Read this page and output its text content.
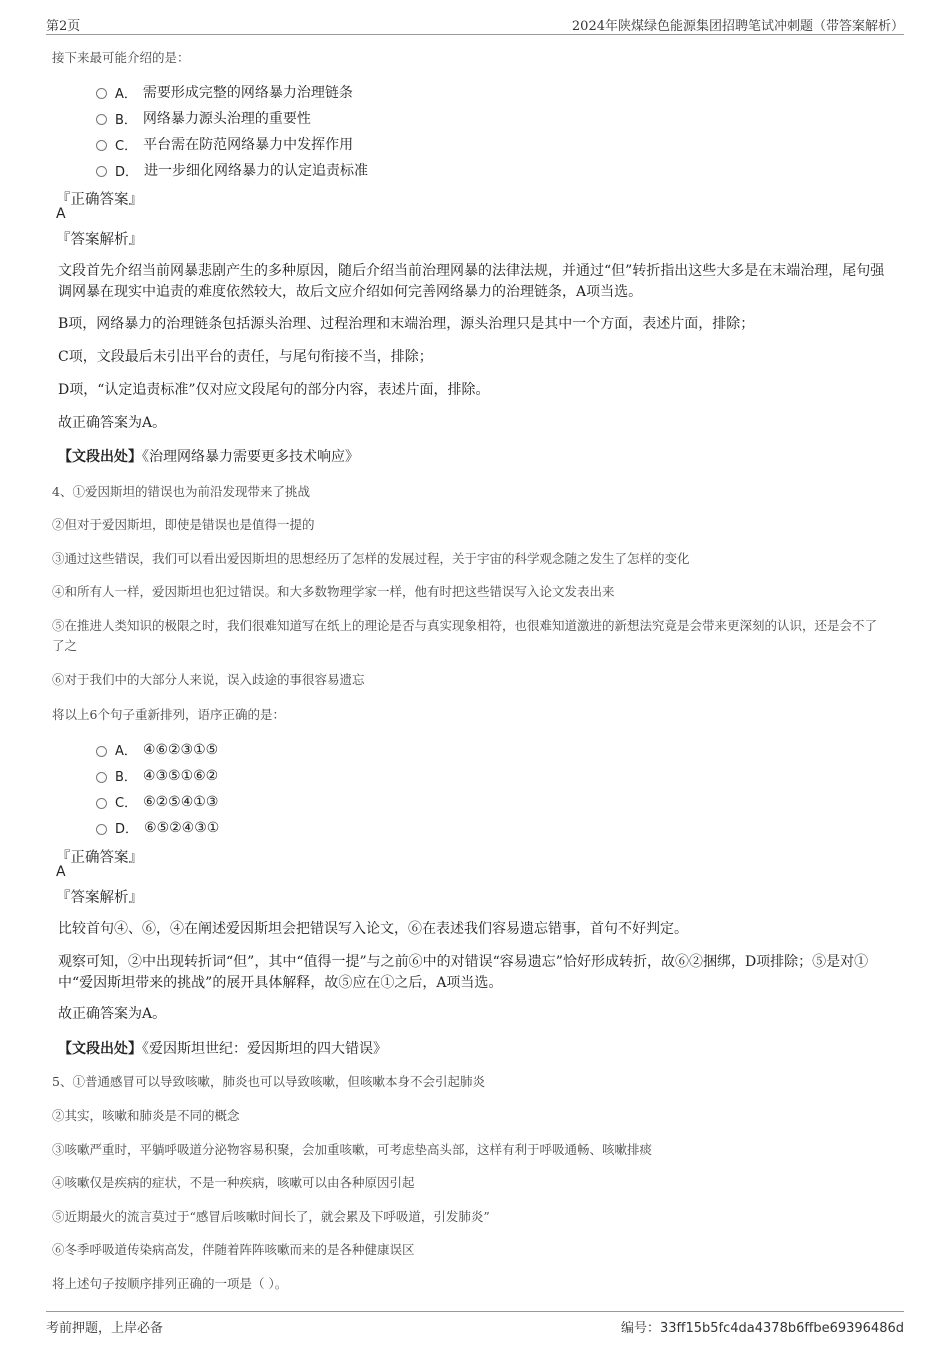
第2页	2024年陕煤绿色能源集团招聘笔试冲刺题（带答案解析）
接下来最可能介绍的是：
A． 需要形成完整的网络暴力治理链条
B． 网络暴力源头治理的重要性
C． 平台需在防范网络暴力中发挥作用
D． 进一步细化网络暴力的认定追责标准
『正确答案』
A
『答案解析』
文段首先介绍当前网暴悲剧产生的多种原因，随后介绍当前治理网暴的法律法规，并通过“但”转折指出这些大多是在末端治理，尾句强调网暴在现实中追责的难度依然较大，故后文应介绍如何完善网络暴力的治理链条，A项当选。
B项，网络暴力的治理链条包括源头治理、过程治理和末端治理，源头治理只是其中一个方面，表述片面，排除；
C项，文段最后未引出平台的责任，与尾句衔接不当，排除；
D项，“认定追责标准”仅对应文段尾句的部分内容，表述片面，排除。
故正确答案为A。
【文段出处】《治理网络暴力需要更多技术响应》
4、①爱因斯坦的错误也为前沿发现带来了挑战
②但对于爱因斯坦，即使是错误也是值得一提的
③通过这些错误，我们可以看出爱因斯坦的思想经历了怎样的发展过程，关于宇宙的科学观念随之发生了怎样的变化
④和所有人一样，爱因斯坦也犯过错误。和大多数物理学家一样，他有时把这些错误写入论文发表出来
⑤在推进人类知识的极限之时，我们很难知道写在纸上的理论是否与真实现象相符，也很难知道激进的新想法究竟是会带来更深刻的认识，还是会不了了之
⑥对于我们中的大部分人来说，误入歧途的事很容易遗忘
将以上6个句子重新排列，语序正确的是：
A． ④⑥②③①⑤
B． ④③⑤①⑥②
C． ⑥②⑤④①③
D． ⑥⑤②④③①
『正确答案』
A
『答案解析』
比较首句④、⑥，④在阐述爱因斯坦会把错误写入论文，⑥在表述我们容易遗忘错事，首句不好判定。
观察可知，②中出现转折词“但”，其中“值得一提”与之前⑥中的对错误“容易遗忘”恰好形成转折，故⑥②捆绑，D项排除；⑤是对①中“爱因斯坦带来的挑战”的展开具体解释，故⑤应在①之后，A项当选。
故正确答案为A。
【文段出处】《爱因斯坦世纪：爱因斯坦的四大错误》
5、①普通感冒可以导致咳嗽，肺炎也可以导致咳嗽，但咳嗽本身不会引起肺炎
②其实，咳嗽和肺炎是不同的概念
③咳嗽严重时，平躺呼吸道分泌物容易积聚，会加重咳嗽，可考虑垫高头部，这样有利于呼吸通畅、咳嗽排痰
④咳嗽仅是疾病的症状，不是一种疾病，咳嗽可以由各种原因引起
⑤近期最火的流言莫过于“感冒后咳嗽时间长了，就会累及下呼吸道，引发肺炎”
⑥冬季呼吸道传染病高发，伴随着阵阵咳嗽而来的是各种健康误区
将上述句子按顺序排列正确的一项是（ ）。
考前押题，上岸必备	编号：33ff15b5fc4da4378b6ffbe69396486d
